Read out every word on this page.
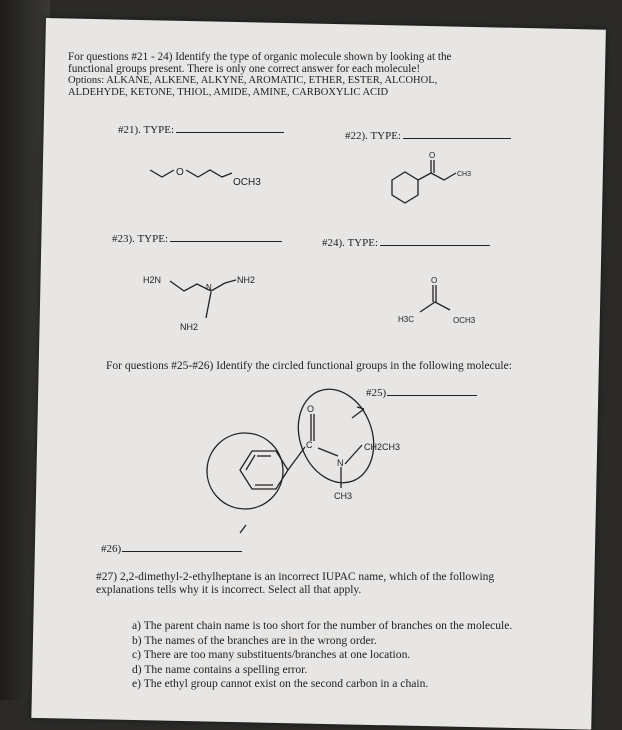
For questions #21 - 24) Identify the type of organic molecule shown by looking at the
functional groups present. There is only one correct answer for each molecule!
Options: ALKANE, ALKENE, ALKYNE, AROMATIC, ETHER, ESTER, ALCOHOL,
ALDEHYDE, KETONE, THIOL, AMIDE, AMINE, CARBOXYLIC ACID
#21). TYPE:	#22). TYPE:
#23). TYPE:	#24). TYPE:
O
OCH3
O
CH3
H2N
N
NH2
NH2
O
H3C	OCH3
O
C
N
CH2CH3
CH3
For questions #25-#26) Identify the circled functional groups in the following molecule:
#25)
#26)
#27) 2,2-dimethyl-2-ethylheptane is an incorrect IUPAC name, which of the following
explanations tells why it is incorrect. Select all that apply.
a) The parent chain name is too short for the number of branches on the molecule.
b) The names of the branches are in the wrong order.
c) There are too many substituents/branches at one location.
d) The name contains a spelling error.
e) The ethyl group cannot exist on the second carbon in a chain.
